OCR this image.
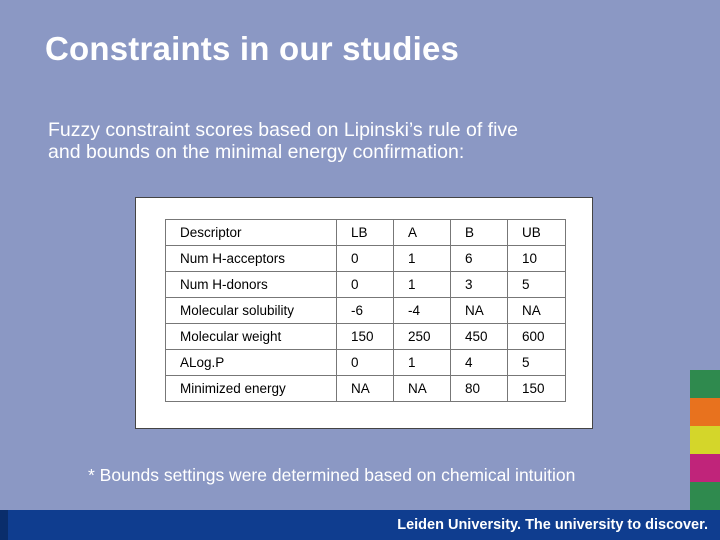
Constraints in our studies
Fuzzy constraint scores based on Lipinski’s rule of five
and bounds on the minimal energy confirmation:
Descriptor	LB	A	B	UB
Num H-acceptors	0	1	6	10
Num H-donors	0	1	3	5
Molecular solubility	-6	-4	NA	NA
Molecular weight	150	250	450	600
ALog.P	0	1	4	5
Minimized energy	NA	NA	80	150
* Bounds settings were determined based on chemical intuition
Leiden University. The university to discover.
